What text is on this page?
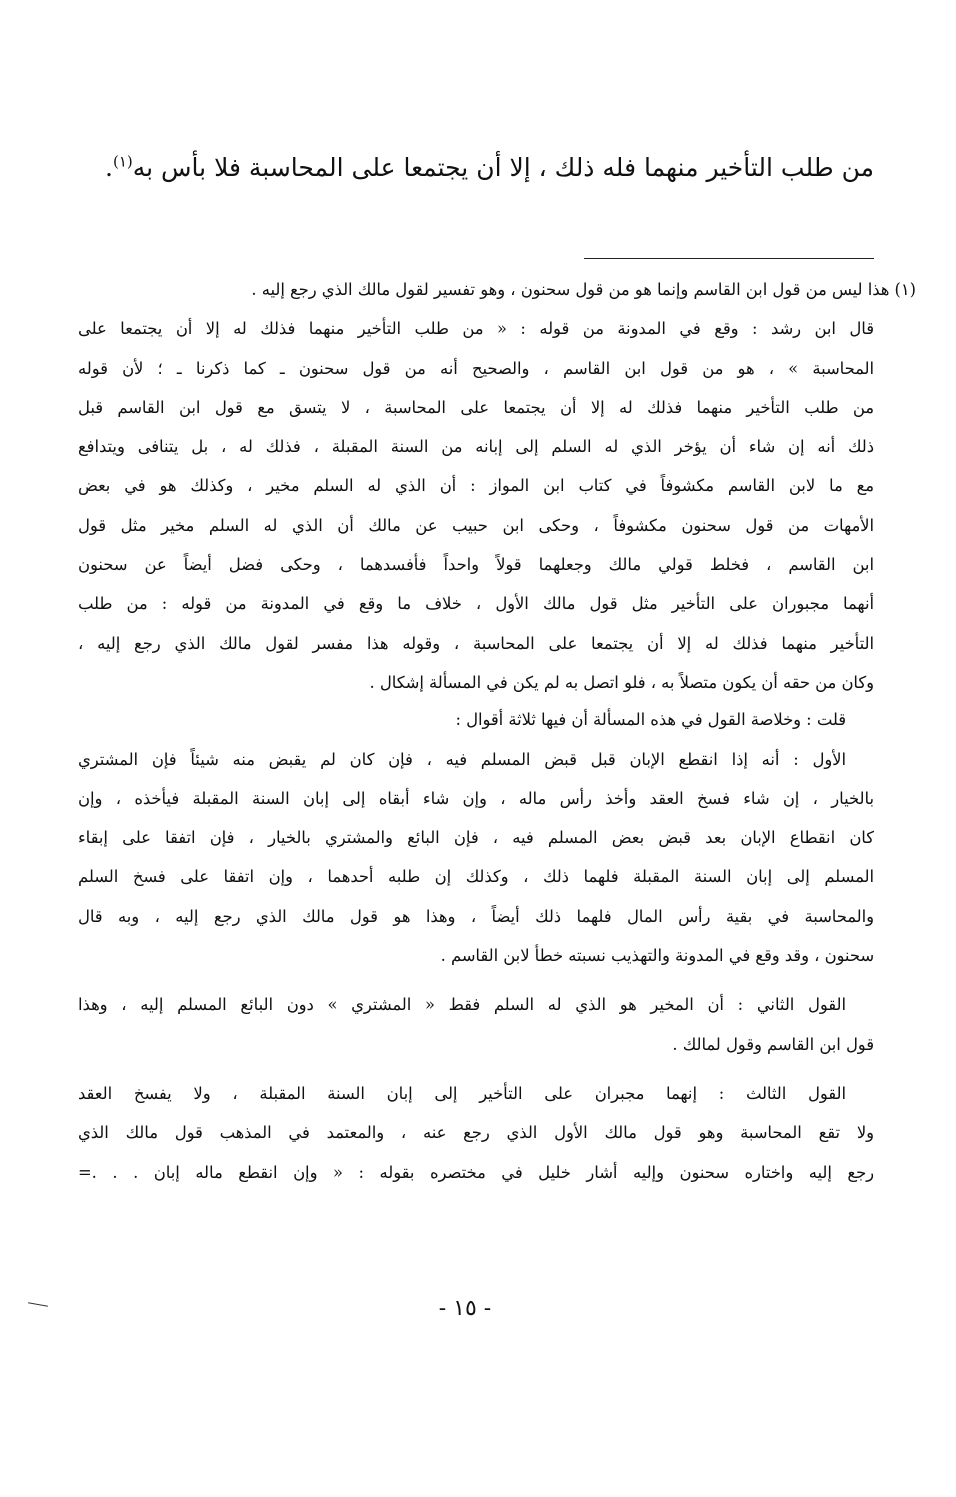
من طلب التأخير منهما فله ذلك ، إلا أن يجتمعا على المحاسبة فلا بأس به$^{(١)}$.
(١) هذا ليس من قول ابن القاسم وإنما هو من قول سحنون ، وهو تفسير لقول مالك الذي رجع إليه .
قال ابن رشد : وقع في المدونة من قوله : « من طلب التأخير منهما فذلك له إلا أن يجتمعا على
المحاسبة » ، هو من قول ابن القاسم ، والصحيح أنه من قول سحنون ـ كما ذكرنا ـ ؛ لأن قوله
من طلب التأخير منهما فذلك له إلا أن يجتمعا على المحاسبة ، لا يتسق مع قول ابن القاسم قبل
ذلك أنه إن شاء أن يؤخر الذي له السلم إلى إبانه من السنة المقبلة ، فذلك له ، بل يتنافى ويتدافع
مع ما لابن القاسم مكشوفاً في كتاب ابن المواز : أن الذي له السلم مخير ، وكذلك هو في بعض
الأمهات من قول سحنون مكشوفاً ، وحكى ابن حبيب عن مالك أن الذي له السلم مخير مثل قول
ابن القاسم ، فخلط قولي مالك وجعلهما قولاً واحداً فأفسدهما ، وحكى فضل أيضاً عن سحنون
أنهما مجبوران على التأخير مثل قول مالك الأول ، خلاف ما وقع في المدونة من قوله : من طلب
التأخير منهما فذلك له إلا أن يجتمعا على المحاسبة ، وقوله هذا مفسر لقول مالك الذي رجع إليه ،
وكان من حقه أن يكون متصلاً به ، فلو اتصل به لم يكن في المسألة إشكال .
قلت : وخلاصة القول في هذه المسألة أن فيها ثلاثة أقوال :
الأول : أنه إذا انقطع الإبان قبل قبض المسلم فيه ، فإن كان لم يقبض منه شيئاً فإن المشتري
بالخيار ، إن شاء فسخ العقد وأخذ رأس ماله ، وإن شاء أبقاه إلى إبان السنة المقبلة فيأخذه ، وإن
كان انقطاع الإبان بعد قبض بعض المسلم فيه ، فإن البائع والمشتري بالخيار ، فإن اتفقا على إبقاء
المسلم إلى إبان السنة المقبلة فلهما ذلك ، وكذلك إن طلبه أحدهما ، وإن اتفقا على فسخ السلم
والمحاسبة في بقية رأس المال فلهما ذلك أيضاً ، وهذا هو قول مالك الذي رجع إليه ، وبه قال
سحنون ، وقد وقع في المدونة والتهذيب نسبته خطأ لابن القاسم .
القول الثاني : أن المخير هو الذي له السلم فقط « المشتري » دون البائع المسلم إليه ، وهذا
قول ابن القاسم وقول لمالك .
القول الثالث : إنهما مجبران على التأخير إلى إبان السنة المقبلة ، ولا يفسخ العقد
ولا تقع المحاسبة وهو قول مالك الأول الذي رجع عنه ، والمعتمد في المذهب قول مالك الذي
رجع إليه واختاره سحنون وإليه أشار خليل في مختصره بقوله : « وإن انقطع ماله إبان . . .=
- ١٥ -
